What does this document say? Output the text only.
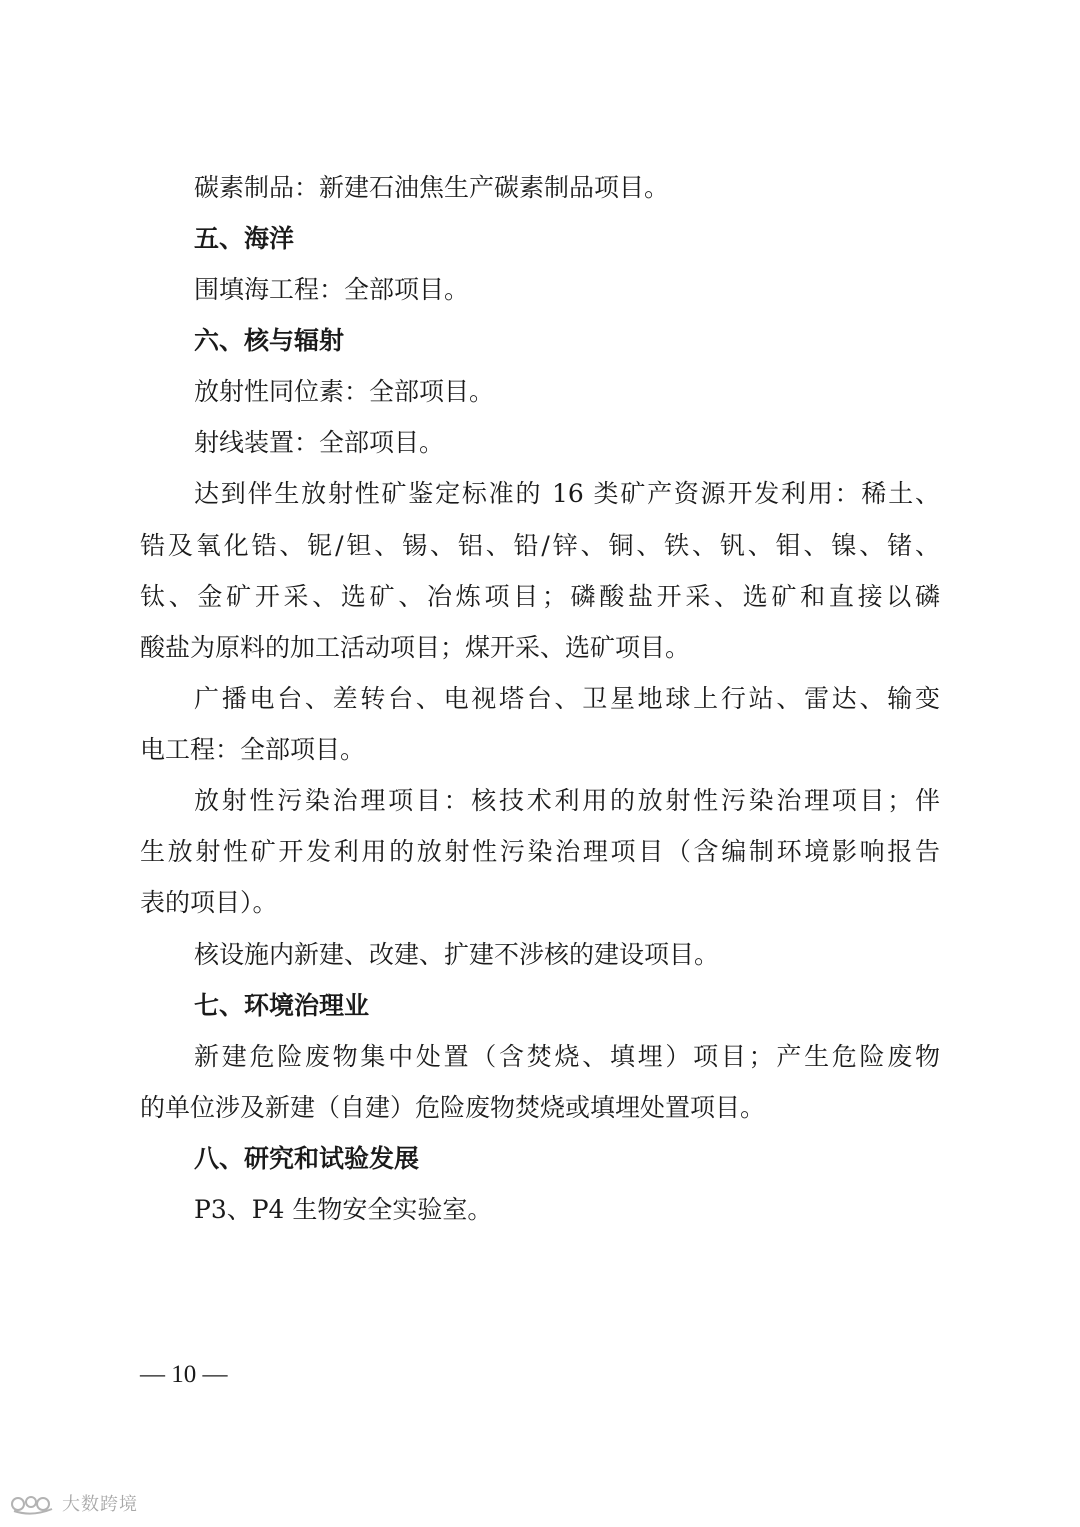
碳素制品：新建石油焦生产碳素制品项目。
五、海洋
围填海工程：全部项目。
六、核与辐射
放射性同位素：全部项目。
射线装置：全部项目。
达到伴生放射性矿鉴定标准的 16 类矿产资源开发利用：稀土、
锆及氧化锆、铌/钽、锡、铝、铅/锌、铜、铁、钒、钼、镍、锗、
钛、金矿开采、选矿、冶炼项目；磷酸盐开采、选矿和直接以磷
酸盐为原料的加工活动项目；煤开采、选矿项目。
广播电台、差转台、电视塔台、卫星地球上行站、雷达、输变
电工程：全部项目。
放射性污染治理项目：核技术利用的放射性污染治理项目；伴
生放射性矿开发利用的放射性污染治理项目（含编制环境影响报告
表的项目）。
核设施内新建、改建、扩建不涉核的建设项目。
七、环境治理业
新建危险废物集中处置（含焚烧、填埋）项目；产生危险废物
的单位涉及新建（自建）危险废物焚烧或填埋处置项目。
八、研究和试验发展
P3、P4 生物安全实验室。
— 10 —
大数跨境
